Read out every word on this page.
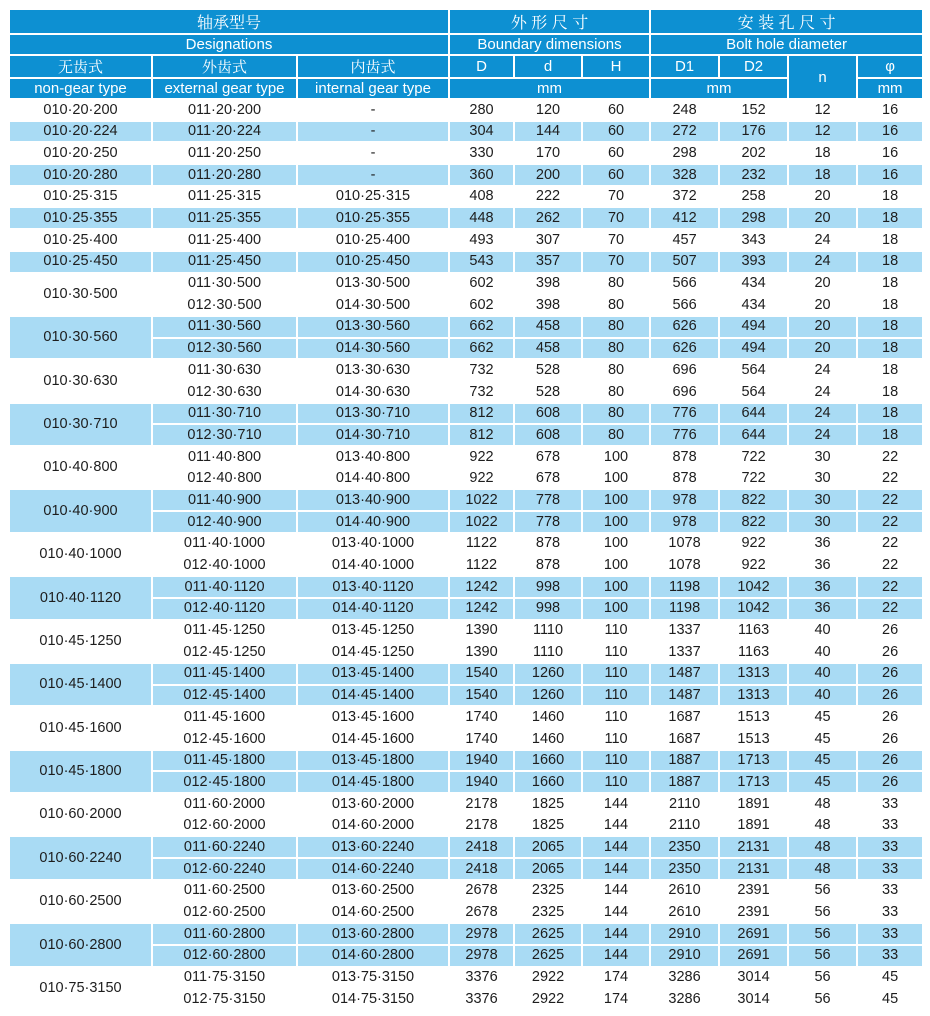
轴承型号			外 形 尺 寸			安 装 孔 尺 寸			
Designations			Boundary dimensions			Bolt hole diameter			
无齿式	外齿式	内齿式	D	d	H	D1	D2	n	φ
non-gear type	external gear type	internal gear type	mm			mm			mm
010·20·200	011·20·200	-	280	120	60	248	152	12	16
010·20·224	011·20·224	-	304	144	60	272	176	12	16
010·20·250	011·20·250	-	330	170	60	298	202	18	16
010·20·280	011·20·280	-	360	200	60	328	232	18	16
010·25·315	011·25·315	010·25·315	408	222	70	372	258	20	18
010·25·355	011·25·355	010·25·355	448	262	70	412	298	20	18
010·25·400	011·25·400	010·25·400	493	307	70	457	343	24	18
010·25·450	011·25·450	010·25·450	543	357	70	507	393	24	18
010·30·500	011·30·500	013·30·500	602	398	80	566	434	20	18
	012·30·500	014·30·500	602	398	80	566	434	20	18
010·30·560	011·30·560	013·30·560	662	458	80	626	494	20	18
	012·30·560	014·30·560	662	458	80	626	494	20	18
010·30·630	011·30·630	013·30·630	732	528	80	696	564	24	18
	012·30·630	014·30·630	732	528	80	696	564	24	18
010·30·710	011·30·710	013·30·710	812	608	80	776	644	24	18
	012·30·710	014·30·710	812	608	80	776	644	24	18
010·40·800	011·40·800	013·40·800	922	678	100	878	722	30	22
	012·40·800	014·40·800	922	678	100	878	722	30	22
010·40·900	011·40·900	013·40·900	1022	778	100	978	822	30	22
	012·40·900	014·40·900	1022	778	100	978	822	30	22
010·40·1000	011·40·1000	013·40·1000	1122	878	100	1078	922	36	22
	012·40·1000	014·40·1000	1122	878	100	1078	922	36	22
010·40·1120	011·40·1120	013·40·1120	1242	998	100	1198	1042	36	22
	012·40·1120	014·40·1120	1242	998	100	1198	1042	36	22
010·45·1250	011·45·1250	013·45·1250	1390	1110	110	1337	1163	40	26
	012·45·1250	014·45·1250	1390	1110	110	1337	1163	40	26
010·45·1400	011·45·1400	013·45·1400	1540	1260	110	1487	1313	40	26
	012·45·1400	014·45·1400	1540	1260	110	1487	1313	40	26
010·45·1600	011·45·1600	013·45·1600	1740	1460	110	1687	1513	45	26
	012·45·1600	014·45·1600	1740	1460	110	1687	1513	45	26
010·45·1800	011·45·1800	013·45·1800	1940	1660	110	1887	1713	45	26
	012·45·1800	014·45·1800	1940	1660	110	1887	1713	45	26
010·60·2000	011·60·2000	013·60·2000	2178	1825	144	2110	1891	48	33
	012·60·2000	014·60·2000	2178	1825	144	2110	1891	48	33
010·60·2240	011·60·2240	013·60·2240	2418	2065	144	2350	2131	48	33
	012·60·2240	014·60·2240	2418	2065	144	2350	2131	48	33
010·60·2500	011·60·2500	013·60·2500	2678	2325	144	2610	2391	56	33
	012·60·2500	014·60·2500	2678	2325	144	2610	2391	56	33
010·60·2800	011·60·2800	013·60·2800	2978	2625	144	2910	2691	56	33
	012·60·2800	014·60·2800	2978	2625	144	2910	2691	56	33
010·75·3150	011·75·3150	013·75·3150	3376	2922	174	3286	3014	56	45
	012·75·3150	014·75·3150	3376	2922	174	3286	3014	56	45
